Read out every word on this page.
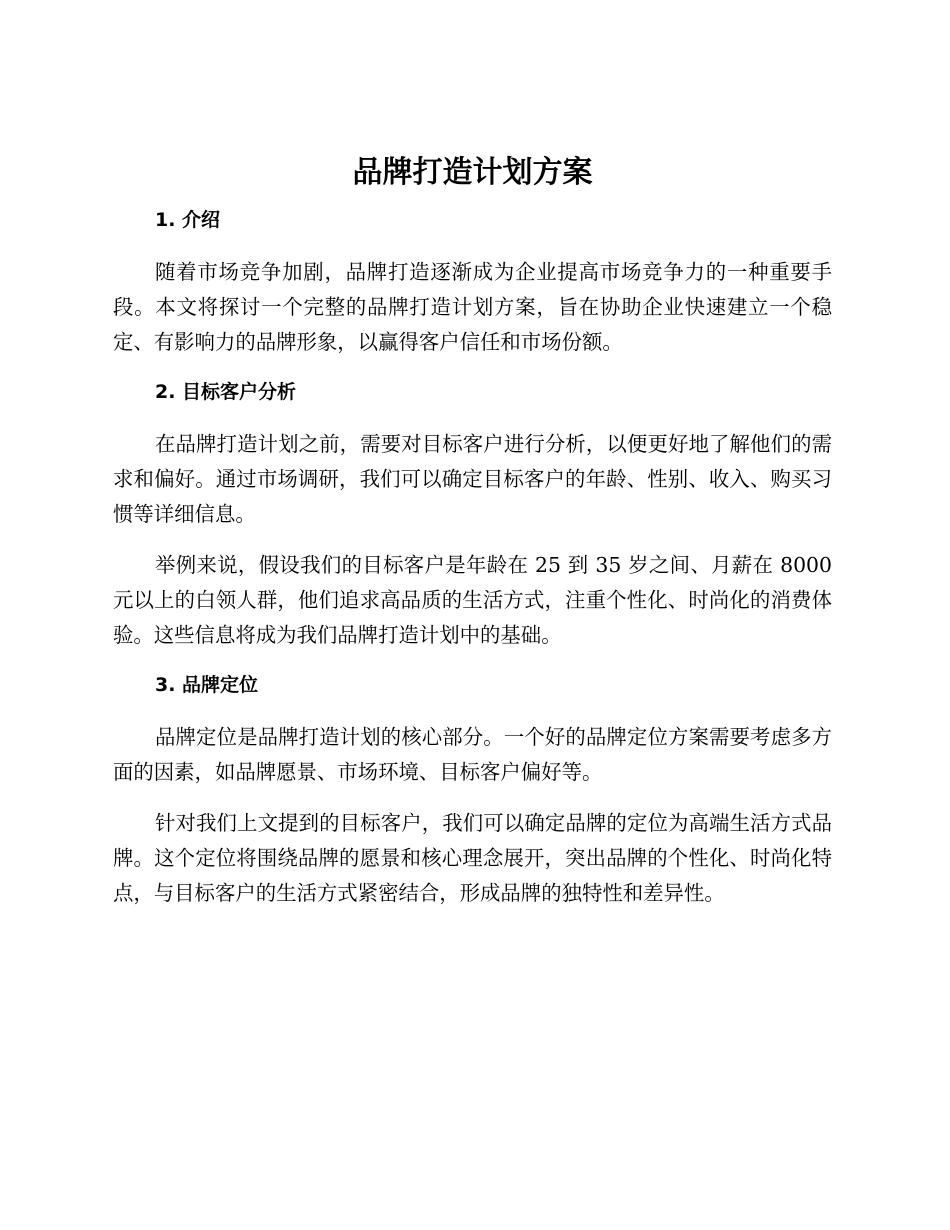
品牌打造计划方案
1. 介绍

随着市场竞争加剧，品牌打造逐渐成为企业提高市场竞争力的一种重要手段。本文将探讨一个完整的品牌打造计划方案，旨在协助企业快速建立一个稳定、有影响力的品牌形象，以赢得客户信任和市场份额。

2. 目标客户分析

在品牌打造计划之前，需要对目标客户进行分析，以便更好地了解他们的需求和偏好。通过市场调研，我们可以确定目标客户的年龄、性别、收入、购买习惯等详细信息。

举例来说，假设我们的目标客户是年龄在 25 到 35 岁之间、月薪在 8000 元以上的白领人群，他们追求高品质的生活方式，注重个性化、时尚化的消费体验。这些信息将成为我们品牌打造计划中的基础。

3. 品牌定位

品牌定位是品牌打造计划的核心部分。一个好的品牌定位方案需要考虑多方面的因素，如品牌愿景、市场环境、目标客户偏好等。

针对我们上文提到的目标客户，我们可以确定品牌的定位为高端生活方式品牌。这个定位将围绕品牌的愿景和核心理念展开，突出品牌的个性化、时尚化特点，与目标客户的生活方式紧密结合，形成品牌的独特性和差异性。
